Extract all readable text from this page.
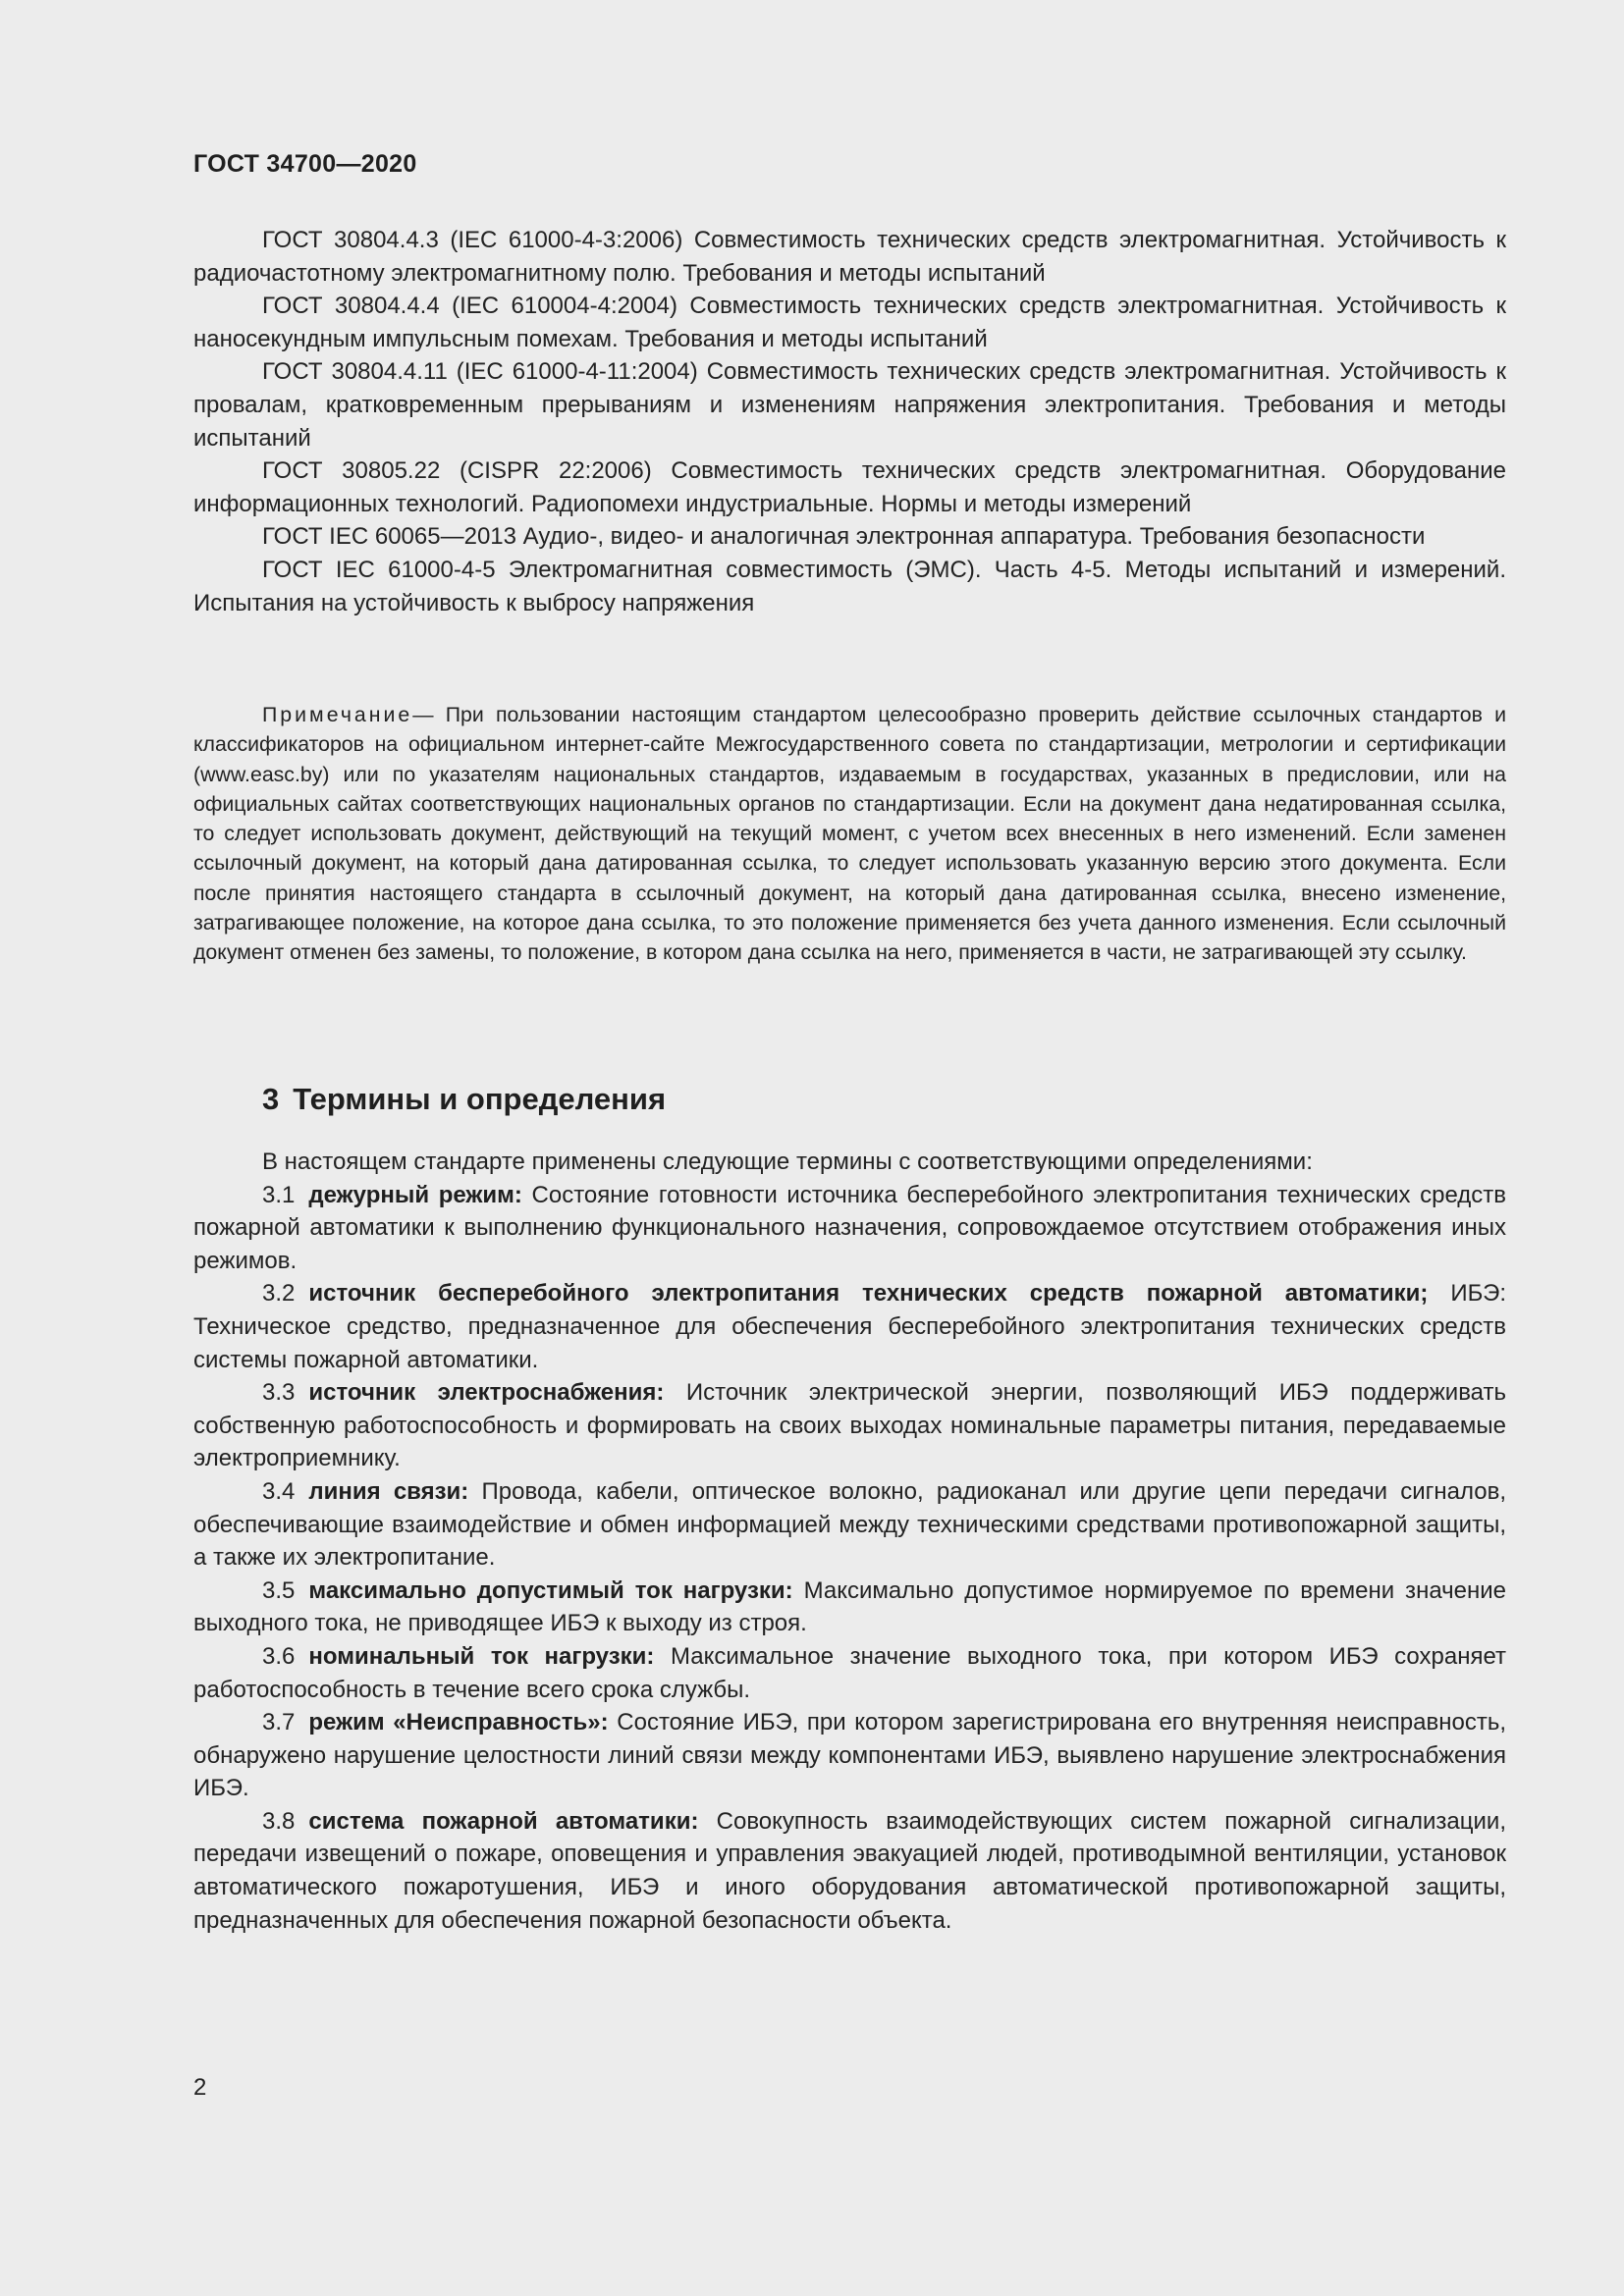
ГОСТ 34700—2020

ГОСТ 30804.4.3 (IEC 61000-4-3:2006) Совместимость технических средств электромагнитная. Устойчивость к радиочастотному электромагнитному полю. Требования и методы испытаний

ГОСТ 30804.4.4 (IEC 610004-4:2004) Совместимость технических средств электромагнитная. Устойчивость к наносекундным импульсным помехам. Требования и методы испытаний

ГОСТ 30804.4.11 (IEC 61000-4-11:2004) Совместимость технических средств электромагнитная. Устойчивость к провалам, кратковременным прерываниям и изменениям напряжения электропитания. Требования и методы испытаний

ГОСТ 30805.22 (CISPR 22:2006) Совместимость технических средств электромагнитная. Оборудование информационных технологий. Радиопомехи индустриальные. Нормы и методы измерений

ГОСТ IEC 60065—2013 Аудио-, видео- и аналогичная электронная аппаратура. Требования безопасности

ГОСТ IEC 61000-4-5 Электромагнитная совместимость (ЭМС). Часть 4-5. Методы испытаний и измерений. Испытания на устойчивость к выбросу напряжения

Примечание— При пользовании настоящим стандартом целесообразно проверить действие ссылочных стандартов и классификаторов на официальном интернет-сайте Межгосударственного совета по стандартизации, метрологии и сертификации (www.easc.by) или по указателям национальных стандартов, издаваемым в государствах, указанных в предисловии, или на официальных сайтах соответствующих национальных органов по стандартизации. Если на документ дана недатированная ссылка, то следует использовать документ, действующий на текущий момент, с учетом всех внесенных в него изменений. Если заменен ссылочный документ, на который дана датированная ссылка, то следует использовать указанную версию этого документа. Если после принятия настоящего стандарта в ссылочный документ, на который дана датированная ссылка, внесено изменение, затрагивающее положение, на которое дана ссылка, то это положение применяется без учета данного изменения. Если ссылочный документ отменен без замены, то положение, в котором дана ссылка на него, применяется в части, не затрагивающей эту ссылку.

3 Термины и определения

В настоящем стандарте применены следующие термины с соответствующими определениями:

3.1 дежурный режим: Состояние готовности источника бесперебойного электропитания технических средств пожарной автоматики к выполнению функционального назначения, сопровождаемое отсутствием отображения иных режимов.

3.2 источник бесперебойного электропитания технических средств пожарной автоматики; ИБЭ: Техническое средство, предназначенное для обеспечения бесперебойного электропитания технических средств системы пожарной автоматики.

3.3 источник электроснабжения: Источник электрической энергии, позволяющий ИБЭ поддерживать собственную работоспособность и формировать на своих выходах номинальные параметры питания, передаваемые электроприемнику.

3.4 линия связи: Провода, кабели, оптическое волокно, радиоканал или другие цепи передачи сигналов, обеспечивающие взаимодействие и обмен информацией между техническими средствами противопожарной защиты, а также их электропитание.

3.5 максимально допустимый ток нагрузки: Максимально допустимое нормируемое по времени значение выходного тока, не приводящее ИБЭ к выходу из строя.

3.6 номинальный ток нагрузки: Максимальное значение выходного тока, при котором ИБЭ сохраняет работоспособность в течение всего срока службы.

3.7 режим «Неисправность»: Состояние ИБЭ, при котором зарегистрирована его внутренняя неисправность, обнаружено нарушение целостности линий связи между компонентами ИБЭ, выявлено нарушение электроснабжения ИБЭ.

3.8 система пожарной автоматики: Совокупность взаимодействующих систем пожарной сигнализации, передачи извещений о пожаре, оповещения и управления эвакуацией людей, противодымной вентиляции, установок автоматического пожаротушения, ИБЭ и иного оборудования автоматической противопожарной защиты, предназначенных для обеспечения пожарной безопасности объекта.

2
